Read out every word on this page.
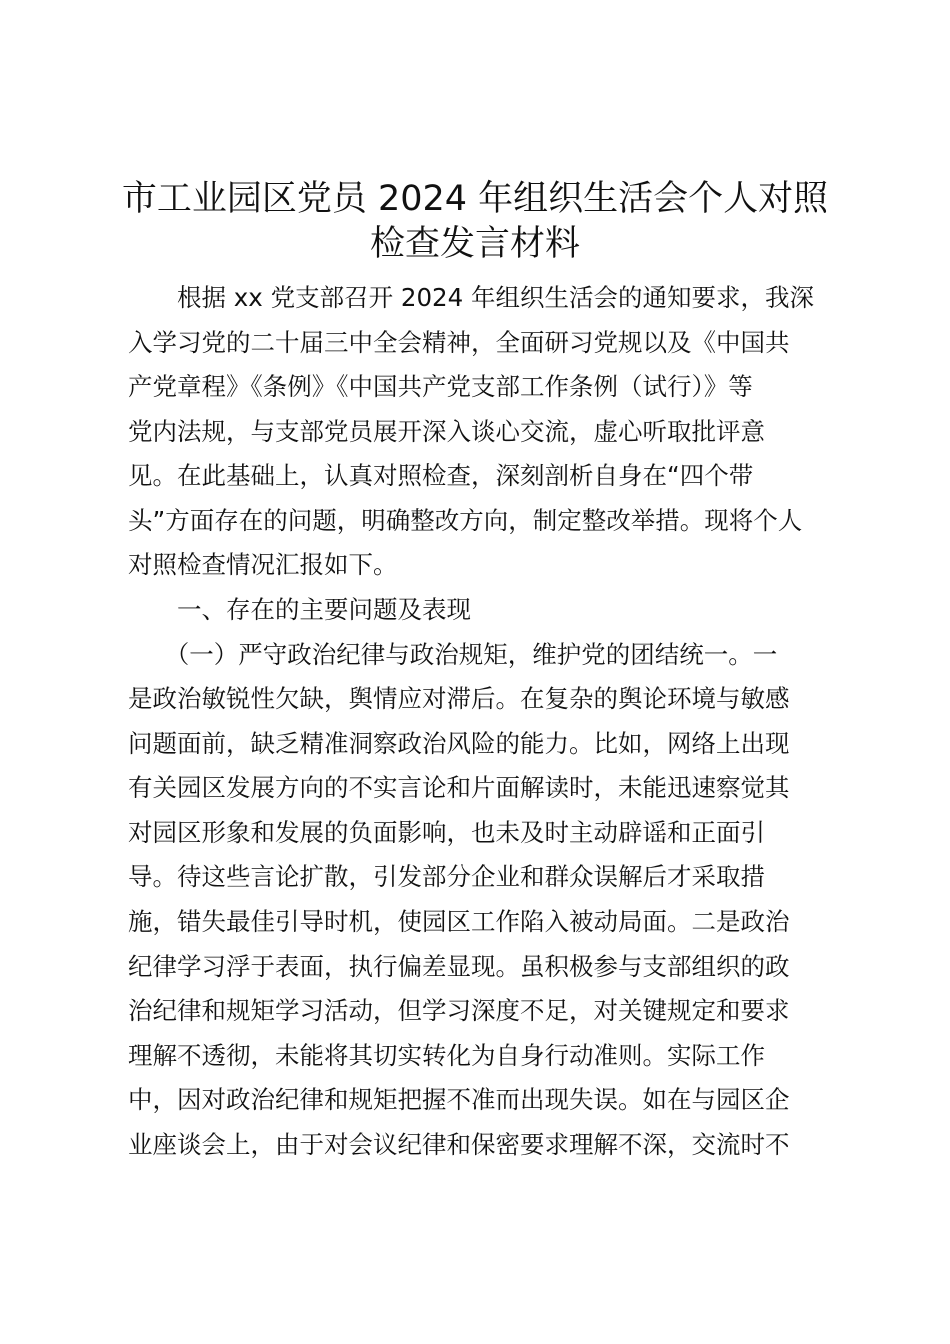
市工业园区党员 2024 年组织生活会个人对照
检查发言材料

　　根据 xx 党支部召开 2024 年组织生活会的通知要求，我深

入学习党的二十届三中全会精神，全面研习党规以及《中国共

产党章程》《条例》《中国共产党支部工作条例（试行）》等

党内法规，与支部党员展开深入谈心交流，虚心听取批评意

见。在此基础上，认真对照检查，深刻剖析自身在“四个带

头”方面存在的问题，明确整改方向，制定整改举措。现将个人

对照检查情况汇报如下。

　　一、存在的主要问题及表现

　　（一）严守政治纪律与政治规矩，维护党的团结统一。一

是政治敏锐性欠缺，舆情应对滞后。在复杂的舆论环境与敏感

问题面前，缺乏精准洞察政治风险的能力。比如，网络上出现

有关园区发展方向的不实言论和片面解读时，未能迅速察觉其

对园区形象和发展的负面影响，也未及时主动辟谣和正面引

导。待这些言论扩散，引发部分企业和群众误解后才采取措

施，错失最佳引导时机，使园区工作陷入被动局面。二是政治

纪律学习浮于表面，执行偏差显现。虽积极参与支部组织的政

治纪律和规矩学习活动，但学习深度不足，对关键规定和要求

理解不透彻，未能将其切实转化为自身行动准则。实际工作

中，因对政治纪律和规矩把握不准而出现失误。如在与园区企

业座谈会上，由于对会议纪律和保密要求理解不深，交流时不
